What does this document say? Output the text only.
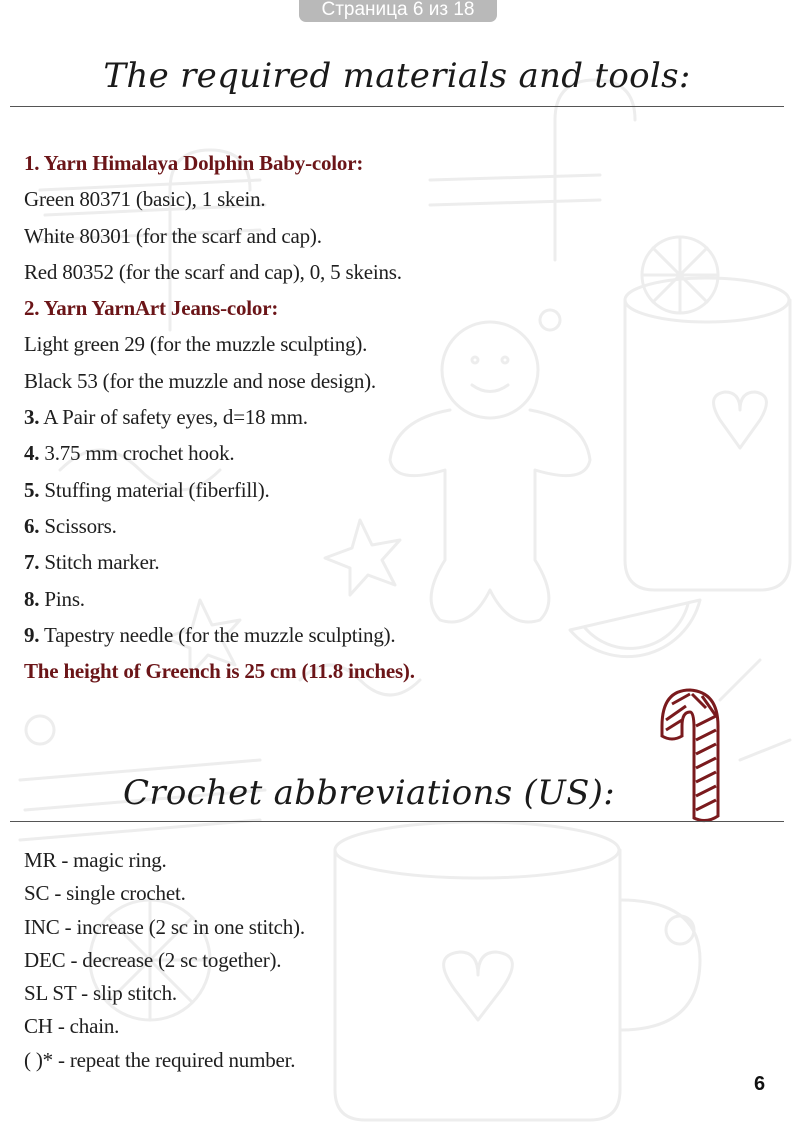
Страница 6 из 18
The required materials and tools:
1. Yarn Himalaya Dolphin Baby-color:
Green 80371 (basic), 1 skein.
White 80301 (for the scarf and cap).
Red 80352 (for the scarf and cap), 0, 5 skeins.
2. Yarn YarnArt Jeans-color:
Light green 29 (for the muzzle sculpting).
Black 53 (for the muzzle and nose design).
3. A Pair of safety eyes, d=18 mm.
4. 3.75 mm crochet hook.
5. Stuffing material (fiberfill).
6. Scissors.
7. Stitch marker.
8. Pins.
9. Tapestry needle (for the muzzle sculpting).
The height of Greench is 25 cm (11.8 inches).
Crochet abbreviations (US):
MR - magic ring.
SC - single crochet.
INC - increase (2 sc in one stitch).
DEC - decrease (2 sc together).
SL ST - slip stitch.
CH - chain.
( )* - repeat the required number.
6
